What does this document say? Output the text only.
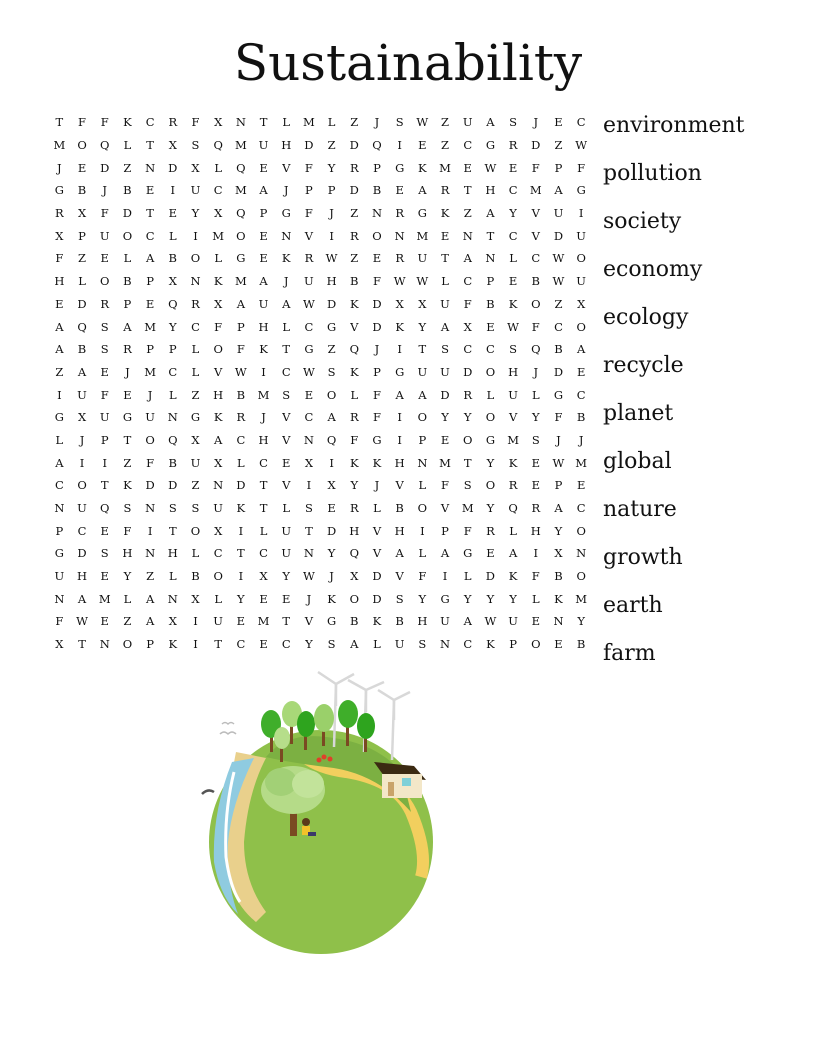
Sustainability
T	F	F	K	C	R	F	X	N	T	L	M	L	Z	J	S	W	Z	U	A	S	J	E	C
M	O	Q	L	T	X	S	Q	M	U	H	D	Z	D	Q	I	E	Z	C	G	R	D	Z	W
J	E	D	Z	N	D	X	L	Q	E	V	F	Y	R	P	G	K	M	E	W	E	F	P	F
G	B	J	B	E	I	U	C	M	A	J	P	P	D	B	E	A	R	T	H	C	M	A	G
R	X	F	D	T	E	Y	X	Q	P	G	F	J	Z	N	R	G	K	Z	A	Y	V	U	I
X	P	U	O	C	L	I	M	O	E	N	V	I	R	O	N	M	E	N	T	C	V	D	U
F	Z	E	L	A	B	O	L	G	E	K	R	W	Z	E	R	U	T	A	N	L	C	W	O
H	L	O	B	P	X	N	K	M	A	J	U	H	B	F	W W	L	C	P	E	B	W	U
E	D	R	P	E	Q	R	X	A	U	A	W	D	K	D	X	X	U	F	B	K	O	Z	X
A	Q	S	A	M	Y	C	F	P	H	L	C	G	V	D	K	Y	A	X	E	W	F	C	O
A	B	S	R	P	P	L	O	F	K	T	G	Z	Q	J	I	T	S	C	C	S	Q	B	A
Z	A	E	J	M	C	L	V	W	I	C	W	S	K	P	G	U	U	D	O	H	J	D	E
I	U	F	E	J	L	Z	H	B	M	S	E	O	L	F	A	A	D	R	L	U	L	G	C
G	X	U	G	U	N	G	K	R	J	V	C	A	R	F	I	O	Y	Y	O	V	Y	F	B
L	J	P	T	O	Q	X	A	C	H	V	N	Q	F	G	I	P	E	O	G	M	S	J	J
A	I	I	Z	F	B	U	X	L	C	E	X	I	K	K	H	N	M	T	Y	K	E	W M
C	O	T	K	D	D	Z	N	D	T	V	I	X	Y	J	V	L	F	S	O	R	E	P	E
N	U	Q	S	N	S	S	U	K	T	L	S	E	R	L	B	O	V	M	Y	Q	R	A	C
P	C	E	F	I	T	O	X	I	L	U	T	D	H	V	H	I	P	F	R	L	H	Y	O
G	D	S	H	N	H	L	C	T	C	U	N	Y	Q	V	A	L	A	G	E	A	I	X	N
U	H	E	Y	Z	L	B	O	I	X	Y	W	J	X	D	V	F	I	L	D	K	F	B	O
N	A	M	L	A	N	X	L	Y	E	E	J	K	O	D	S	Y	G	Y	Y	Y	L	K	M
F	W	E	Z	A	X	I	U	E	M	T	V	G	B	K	B	H	U	A	W	U	E	N	Y
X	T	N	O	P	K	I	T	C	E	C	Y	S	A	L	U	S	N	C	K	P	O	E	B
environment
pollution
society
economy
ecology
recycle
planet
global
nature
growth
earth
farm
